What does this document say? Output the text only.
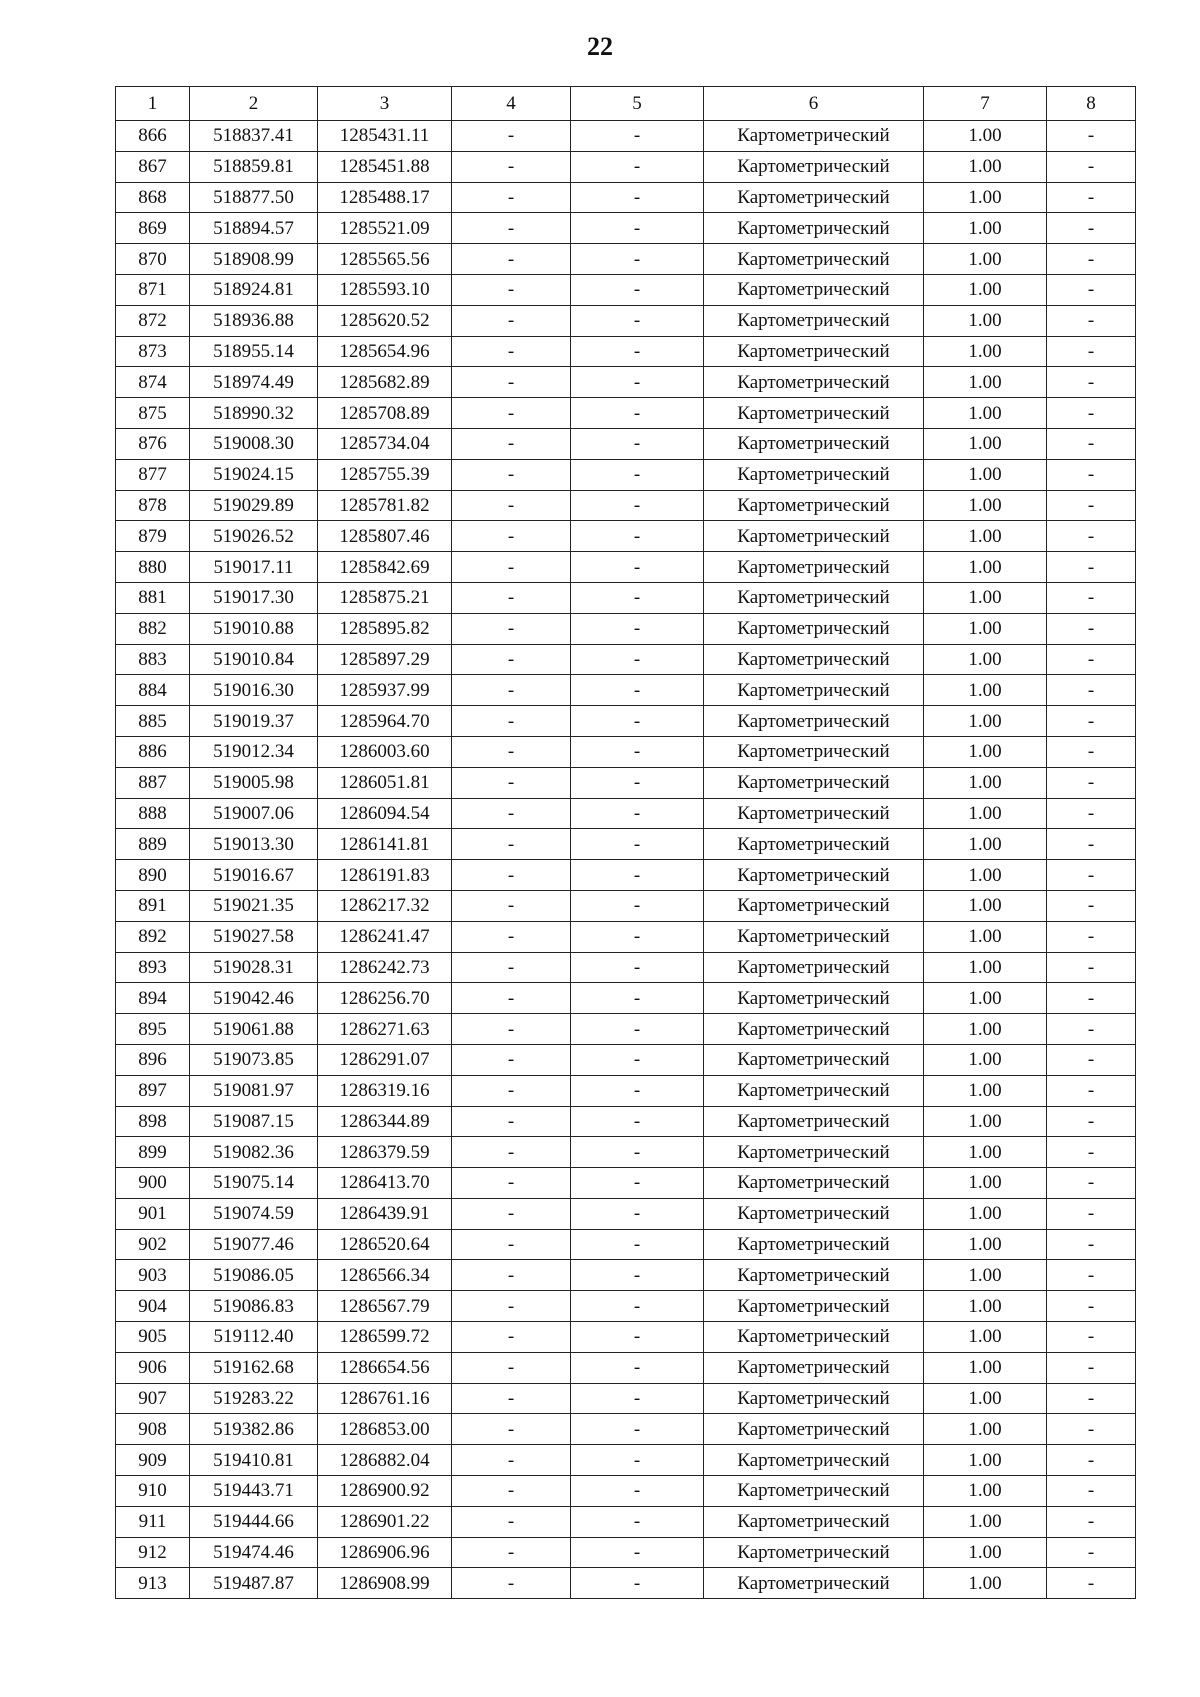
22
1	2	3	4	5	6	7	8
866	518837.41	1285431.11	-	-	Картометрический	1.00	-
867	518859.81	1285451.88	-	-	Картометрический	1.00	-
868	518877.50	1285488.17	-	-	Картометрический	1.00	-
869	518894.57	1285521.09	-	-	Картометрический	1.00	-
870	518908.99	1285565.56	-	-	Картометрический	1.00	-
871	518924.81	1285593.10	-	-	Картометрический	1.00	-
872	518936.88	1285620.52	-	-	Картометрический	1.00	-
873	518955.14	1285654.96	-	-	Картометрический	1.00	-
874	518974.49	1285682.89	-	-	Картометрический	1.00	-
875	518990.32	1285708.89	-	-	Картометрический	1.00	-
876	519008.30	1285734.04	-	-	Картометрический	1.00	-
877	519024.15	1285755.39	-	-	Картометрический	1.00	-
878	519029.89	1285781.82	-	-	Картометрический	1.00	-
879	519026.52	1285807.46	-	-	Картометрический	1.00	-
880	519017.11	1285842.69	-	-	Картометрический	1.00	-
881	519017.30	1285875.21	-	-	Картометрический	1.00	-
882	519010.88	1285895.82	-	-	Картометрический	1.00	-
883	519010.84	1285897.29	-	-	Картометрический	1.00	-
884	519016.30	1285937.99	-	-	Картометрический	1.00	-
885	519019.37	1285964.70	-	-	Картометрический	1.00	-
886	519012.34	1286003.60	-	-	Картометрический	1.00	-
887	519005.98	1286051.81	-	-	Картометрический	1.00	-
888	519007.06	1286094.54	-	-	Картометрический	1.00	-
889	519013.30	1286141.81	-	-	Картометрический	1.00	-
890	519016.67	1286191.83	-	-	Картометрический	1.00	-
891	519021.35	1286217.32	-	-	Картометрический	1.00	-
892	519027.58	1286241.47	-	-	Картометрический	1.00	-
893	519028.31	1286242.73	-	-	Картометрический	1.00	-
894	519042.46	1286256.70	-	-	Картометрический	1.00	-
895	519061.88	1286271.63	-	-	Картометрический	1.00	-
896	519073.85	1286291.07	-	-	Картометрический	1.00	-
897	519081.97	1286319.16	-	-	Картометрический	1.00	-
898	519087.15	1286344.89	-	-	Картометрический	1.00	-
899	519082.36	1286379.59	-	-	Картометрический	1.00	-
900	519075.14	1286413.70	-	-	Картометрический	1.00	-
901	519074.59	1286439.91	-	-	Картометрический	1.00	-
902	519077.46	1286520.64	-	-	Картометрический	1.00	-
903	519086.05	1286566.34	-	-	Картометрический	1.00	-
904	519086.83	1286567.79	-	-	Картометрический	1.00	-
905	519112.40	1286599.72	-	-	Картометрический	1.00	-
906	519162.68	1286654.56	-	-	Картометрический	1.00	-
907	519283.22	1286761.16	-	-	Картометрический	1.00	-
908	519382.86	1286853.00	-	-	Картометрический	1.00	-
909	519410.81	1286882.04	-	-	Картометрический	1.00	-
910	519443.71	1286900.92	-	-	Картометрический	1.00	-
911	519444.66	1286901.22	-	-	Картометрический	1.00	-
912	519474.46	1286906.96	-	-	Картометрический	1.00	-
913	519487.87	1286908.99	-	-	Картометрический	1.00	-
